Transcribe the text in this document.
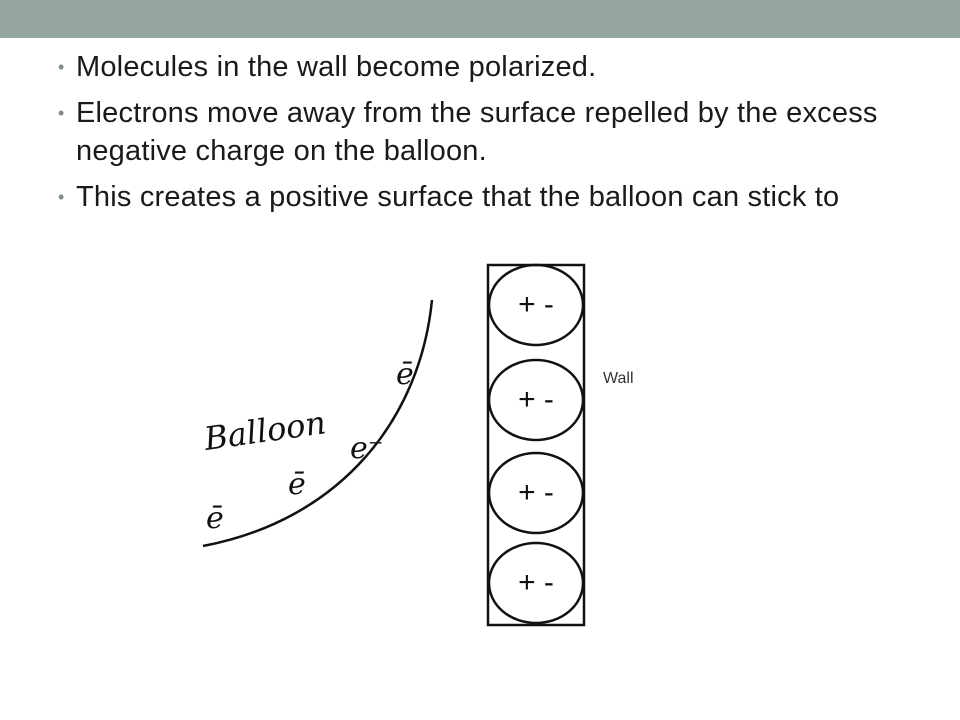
• Molecules in the wall become polarized.
• Electrons move away from the surface repelled by the excess negative charge on the balloon.
• This creates a positive surface that the balloon can stick to
Balloon
ē
e⁻
ē
ē
+ -
+ -
+ -
+ -
Wall
